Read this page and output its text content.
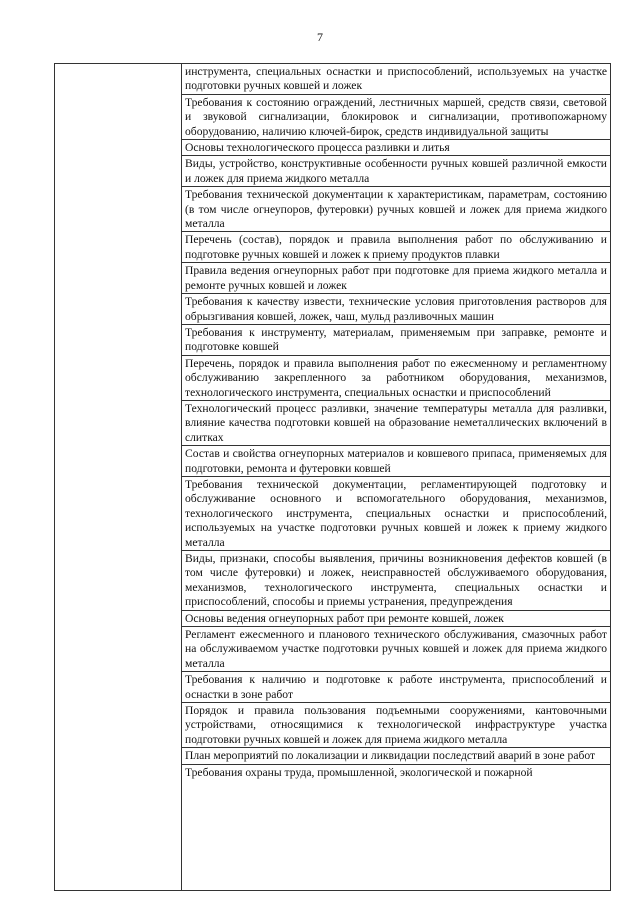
7

инструмента, специальных оснастки и приспособлений, используемых на участке подготовки ручных ковшей и ложек
Требования к состоянию ограждений, лестничных маршей, средств связи, световой и звуковой сигнализации, блокировок и сигнализации, противопожарному оборудованию, наличию ключей-бирок, средств индивидуальной защиты
Основы технологического процесса разливки и литья
Виды, устройство, конструктивные особенности ручных ковшей различной емкости и ложек для приема жидкого металла
Требования технической документации к характеристикам, параметрам, состоянию (в том числе огнеупоров, футеровки) ручных ковшей и ложек для приема жидкого металла
Перечень (состав), порядок и правила выполнения работ по обслуживанию и подготовке ручных ковшей и ложек к приему продуктов плавки
Правила ведения огнеупорных работ при подготовке для приема жидкого металла и ремонте ручных ковшей и ложек
Требования к качеству извести, технические условия приготовления растворов для обрызгивания ковшей, ложек, чаш, мульд разливочных машин
Требования к инструменту, материалам, применяемым при заправке, ремонте и подготовке ковшей
Перечень, порядок и правила выполнения работ по ежесменному и регламентному обслуживанию закрепленного за работником оборудования, механизмов, технологического инструмента, специальных оснастки и приспособлений
Технологический процесс разливки, значение температуры металла для разливки, влияние качества подготовки ковшей на образование неметаллических включений в слитках
Состав и свойства огнеупорных материалов и ковшевого припаса, применяемых для подготовки, ремонта и футеровки ковшей
Требования технической документации, регламентирующей подготовку и обслуживание основного и вспомогательного оборудования, механизмов, технологического инструмента, специальных оснастки и приспособлений, используемых на участке подготовки ручных ковшей и ложек к приему жидкого металла
Виды, признаки, способы выявления, причины возникновения дефектов ковшей (в том числе футеровки) и ложек, неисправностей обслуживаемого оборудования, механизмов, технологического инструмента, специальных оснастки и приспособлений, способы и приемы устранения, предупреждения
Основы ведения огнеупорных работ при ремонте ковшей, ложек
Регламент ежесменного и планового технического обслуживания, смазочных работ на обслуживаемом участке подготовки ручных ковшей и ложек для приема жидкого металла
Требования к наличию и подготовке к работе инструмента, приспособлений и оснастки в зоне работ
Порядок и правила пользования подъемными сооружениями, кантовочными устройствами, относящимися к технологической инфраструктуре участка подготовки ручных ковшей и ложек для приема жидкого металла
План мероприятий по локализации и ликвидации последствий аварий в зоне работ
Требования охраны труда, промышленной, экологической и пожарной
